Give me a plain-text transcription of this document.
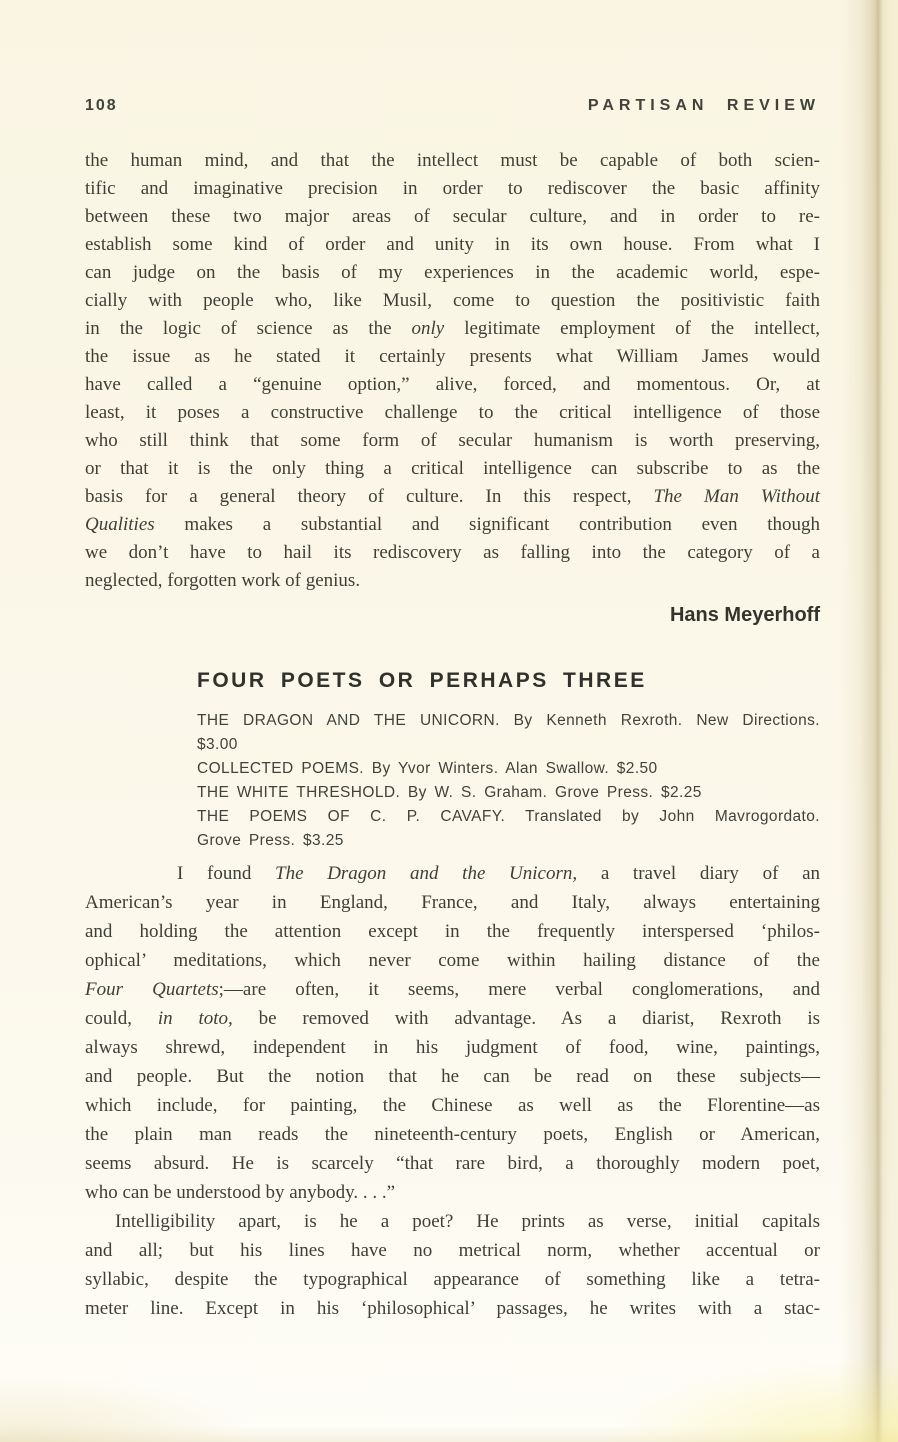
108	PARTISAN REVIEW
the human mind, and that the intellect must be capable of both scien-
tific and imaginative precision in order to rediscover the basic affinity
between these two major areas of secular culture, and in order to re-
establish some kind of order and unity in its own house. From what I
can judge on the basis of my experiences in the academic world, espe-
cially with people who, like Musil, come to question the positivistic faith
in the logic of science as the only legitimate employment of the intellect,
the issue as he stated it certainly presents what William James would
have called a “genuine option,” alive, forced, and momentous. Or, at
least, it poses a constructive challenge to the critical intelligence of those
who still think that some form of secular humanism is worth preserving,
or that it is the only thing a critical intelligence can subscribe to as the
basis for a general theory of culture. In this respect, The Man Without
Qualities makes a substantial and significant contribution even though
we don’t have to hail its rediscovery as falling into the category of a
neglected, forgotten work of genius.
Hans Meyerhoff
FOUR POETS OR PERHAPS THREE
THE DRAGON AND THE UNICORN. By Kenneth Rexroth. New Directions.
$3.00
COLLECTED POEMS. By Yvor Winters. Alan Swallow. $2.50
THE WHITE THRESHOLD. By W. S. Graham. Grove Press. $2.25
THE POEMS OF C. P. CAVAFY. Translated by John Mavrogordato.
Grove Press. $3.25
I found The Dragon and the Unicorn, a travel diary of an
American’s year in England, France, and Italy, always entertaining
and holding the attention except in the frequently interspersed ‘philos-
ophical’ meditations, which never come within hailing distance of the
Four Quartets;—are often, it seems, mere verbal conglomerations, and
could, in toto, be removed with advantage. As a diarist, Rexroth is
always shrewd, independent in his judgment of food, wine, paintings,
and people. But the notion that he can be read on these subjects—
which include, for painting, the Chinese as well as the Florentine—as
the plain man reads the nineteenth-century poets, English or American,
seems absurd. He is scarcely “that rare bird, a thoroughly modern poet,
who can be understood by anybody. . . .”
Intelligibility apart, is he a poet? He prints as verse, initial capitals
and all; but his lines have no metrical norm, whether accentual or
syllabic, despite the typographical appearance of something like a tetra-
meter line. Except in his ‘philosophical’ passages, he writes with a stac-
